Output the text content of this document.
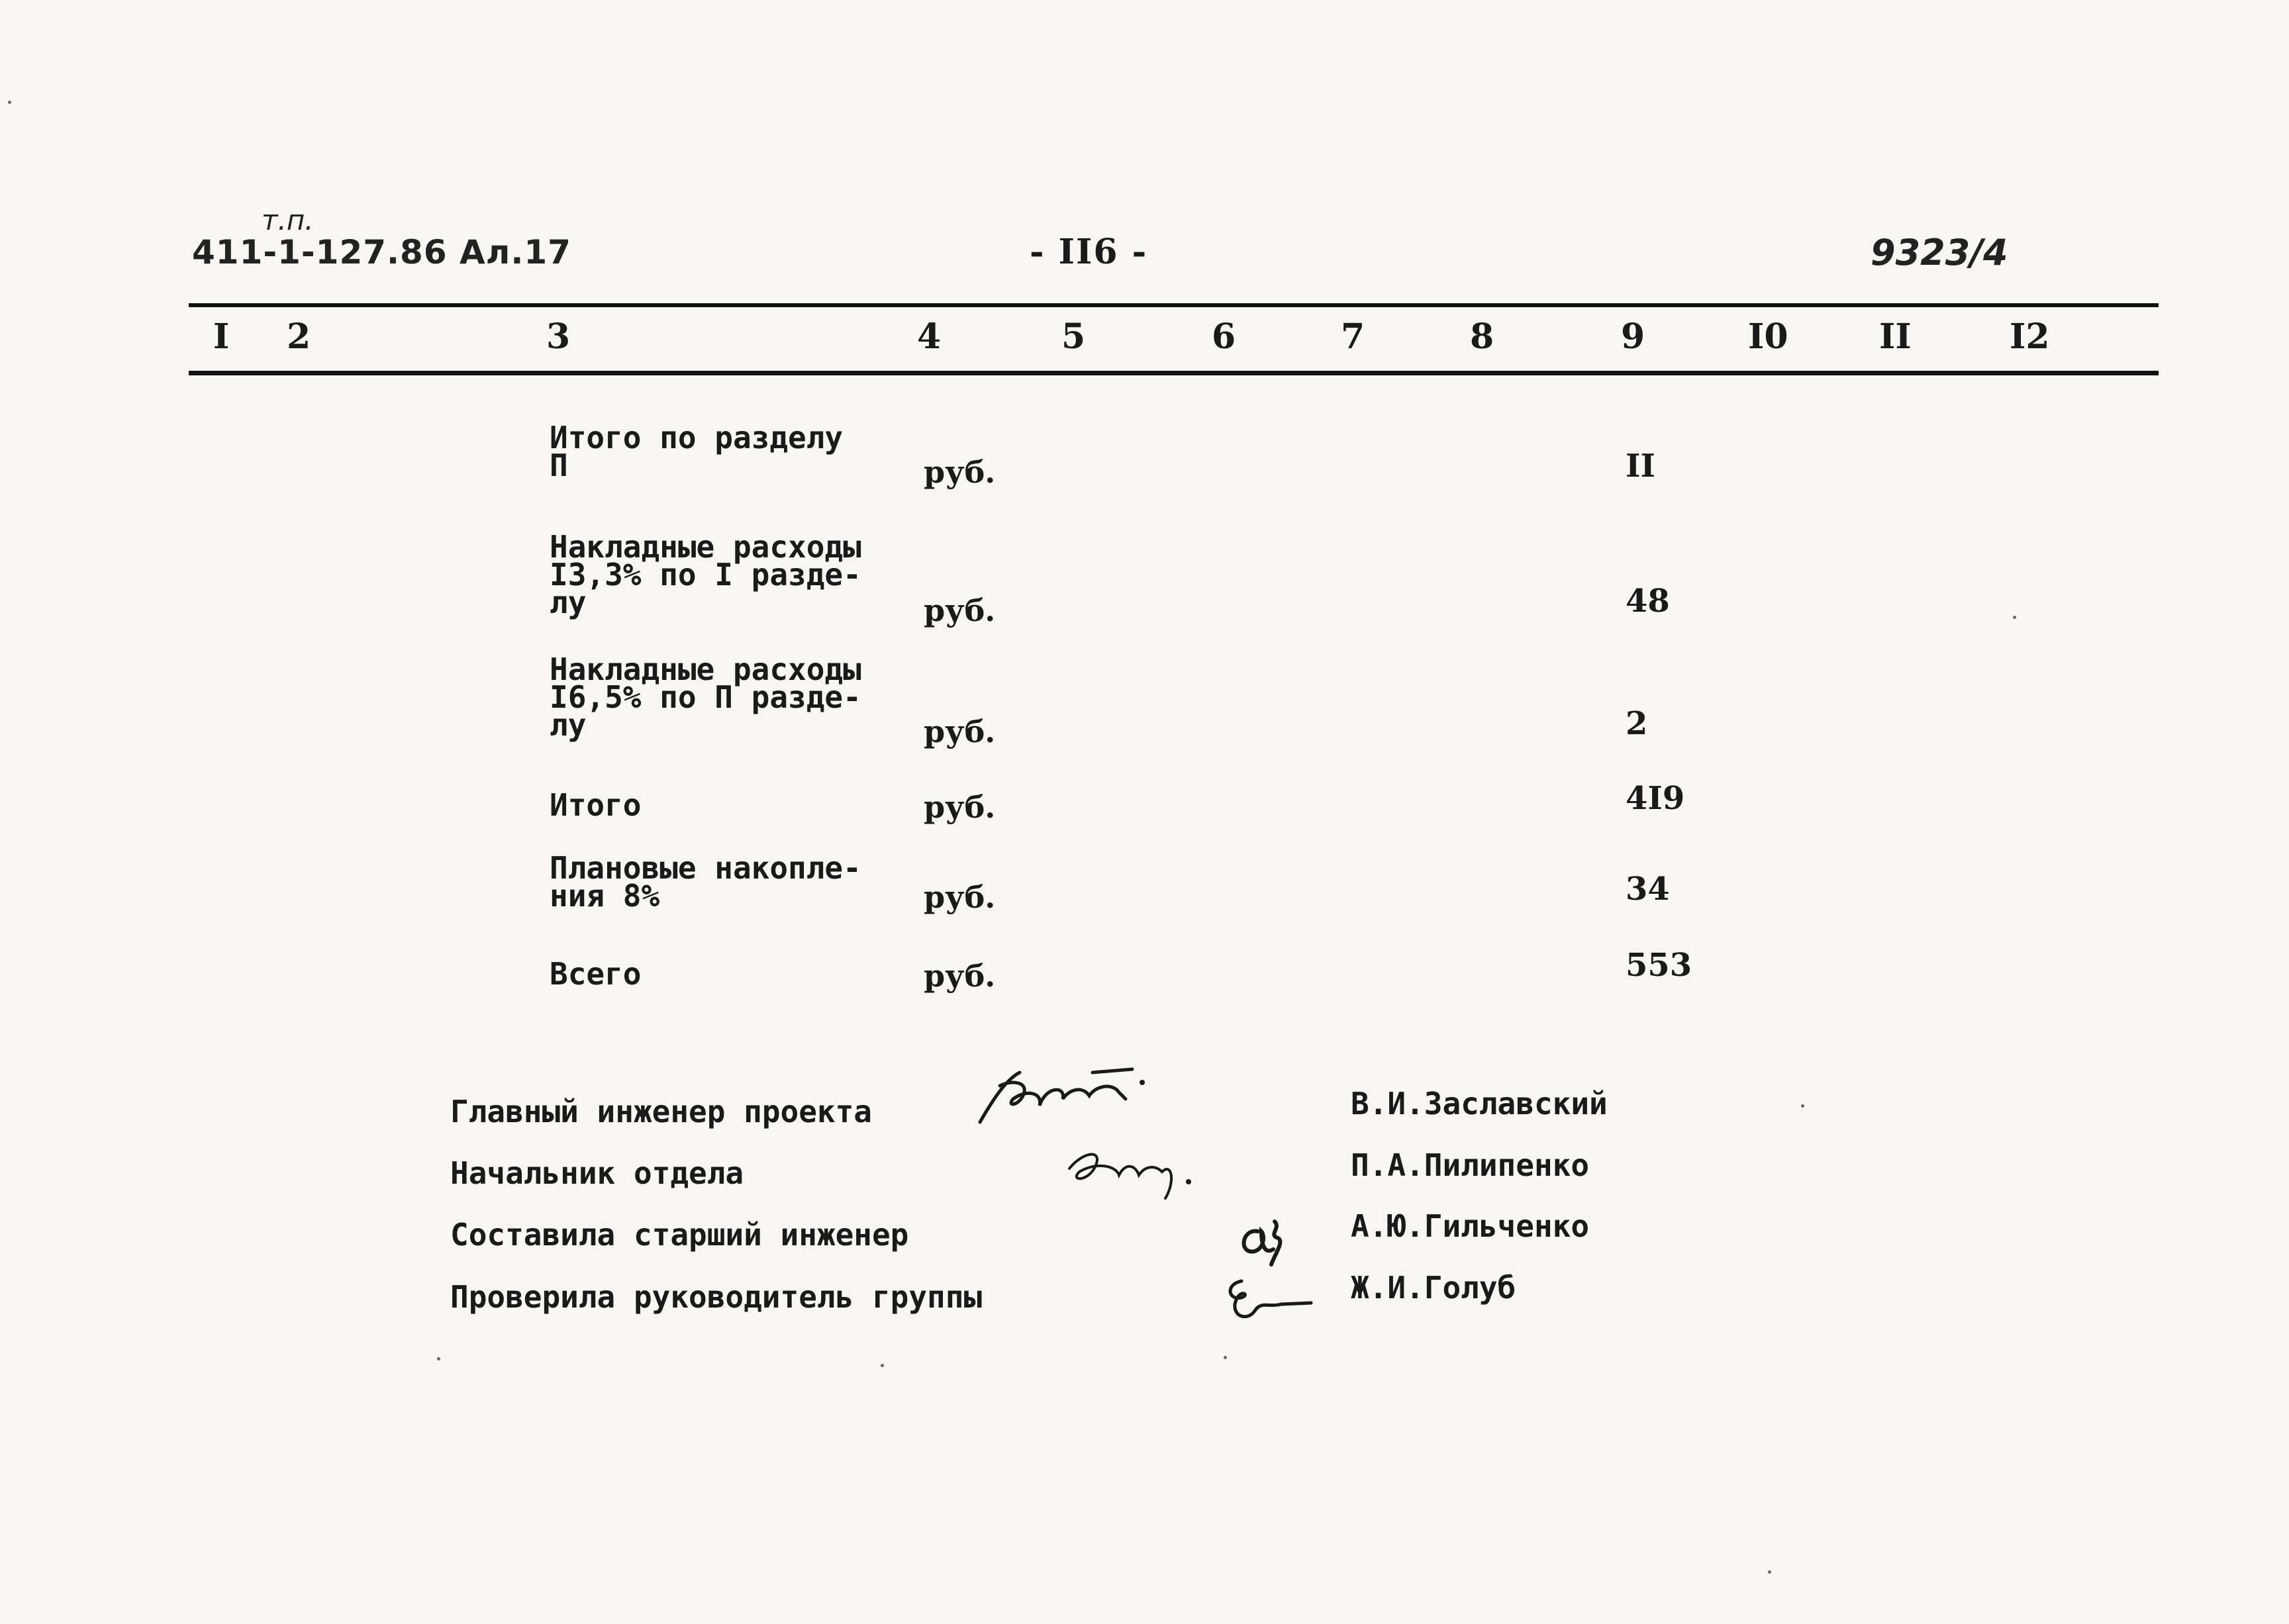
т.п.
411-1-127.86 Ал.17	- II6 -	9323/4
I 2	3	4	5	6	7	8	9	I0	II	I2
Итого по разделу
П	руб.	II
Накладные расходы
I3,3% по I разде-
лу	руб.	48
Накладные расходы
I6,5% по П разде-
лу	руб.	2
Итого	руб.	4I9
Плановые накопле-
ния 8%	руб.	34
Всего	руб.	553
Главный инженер проекта	В.И.Заславский
Начальник отдела	П.А.Пилипенко
Составила старший инженер	А.Ю.Гильченко
Проверила руководитель группы	Ж.И.Голуб
